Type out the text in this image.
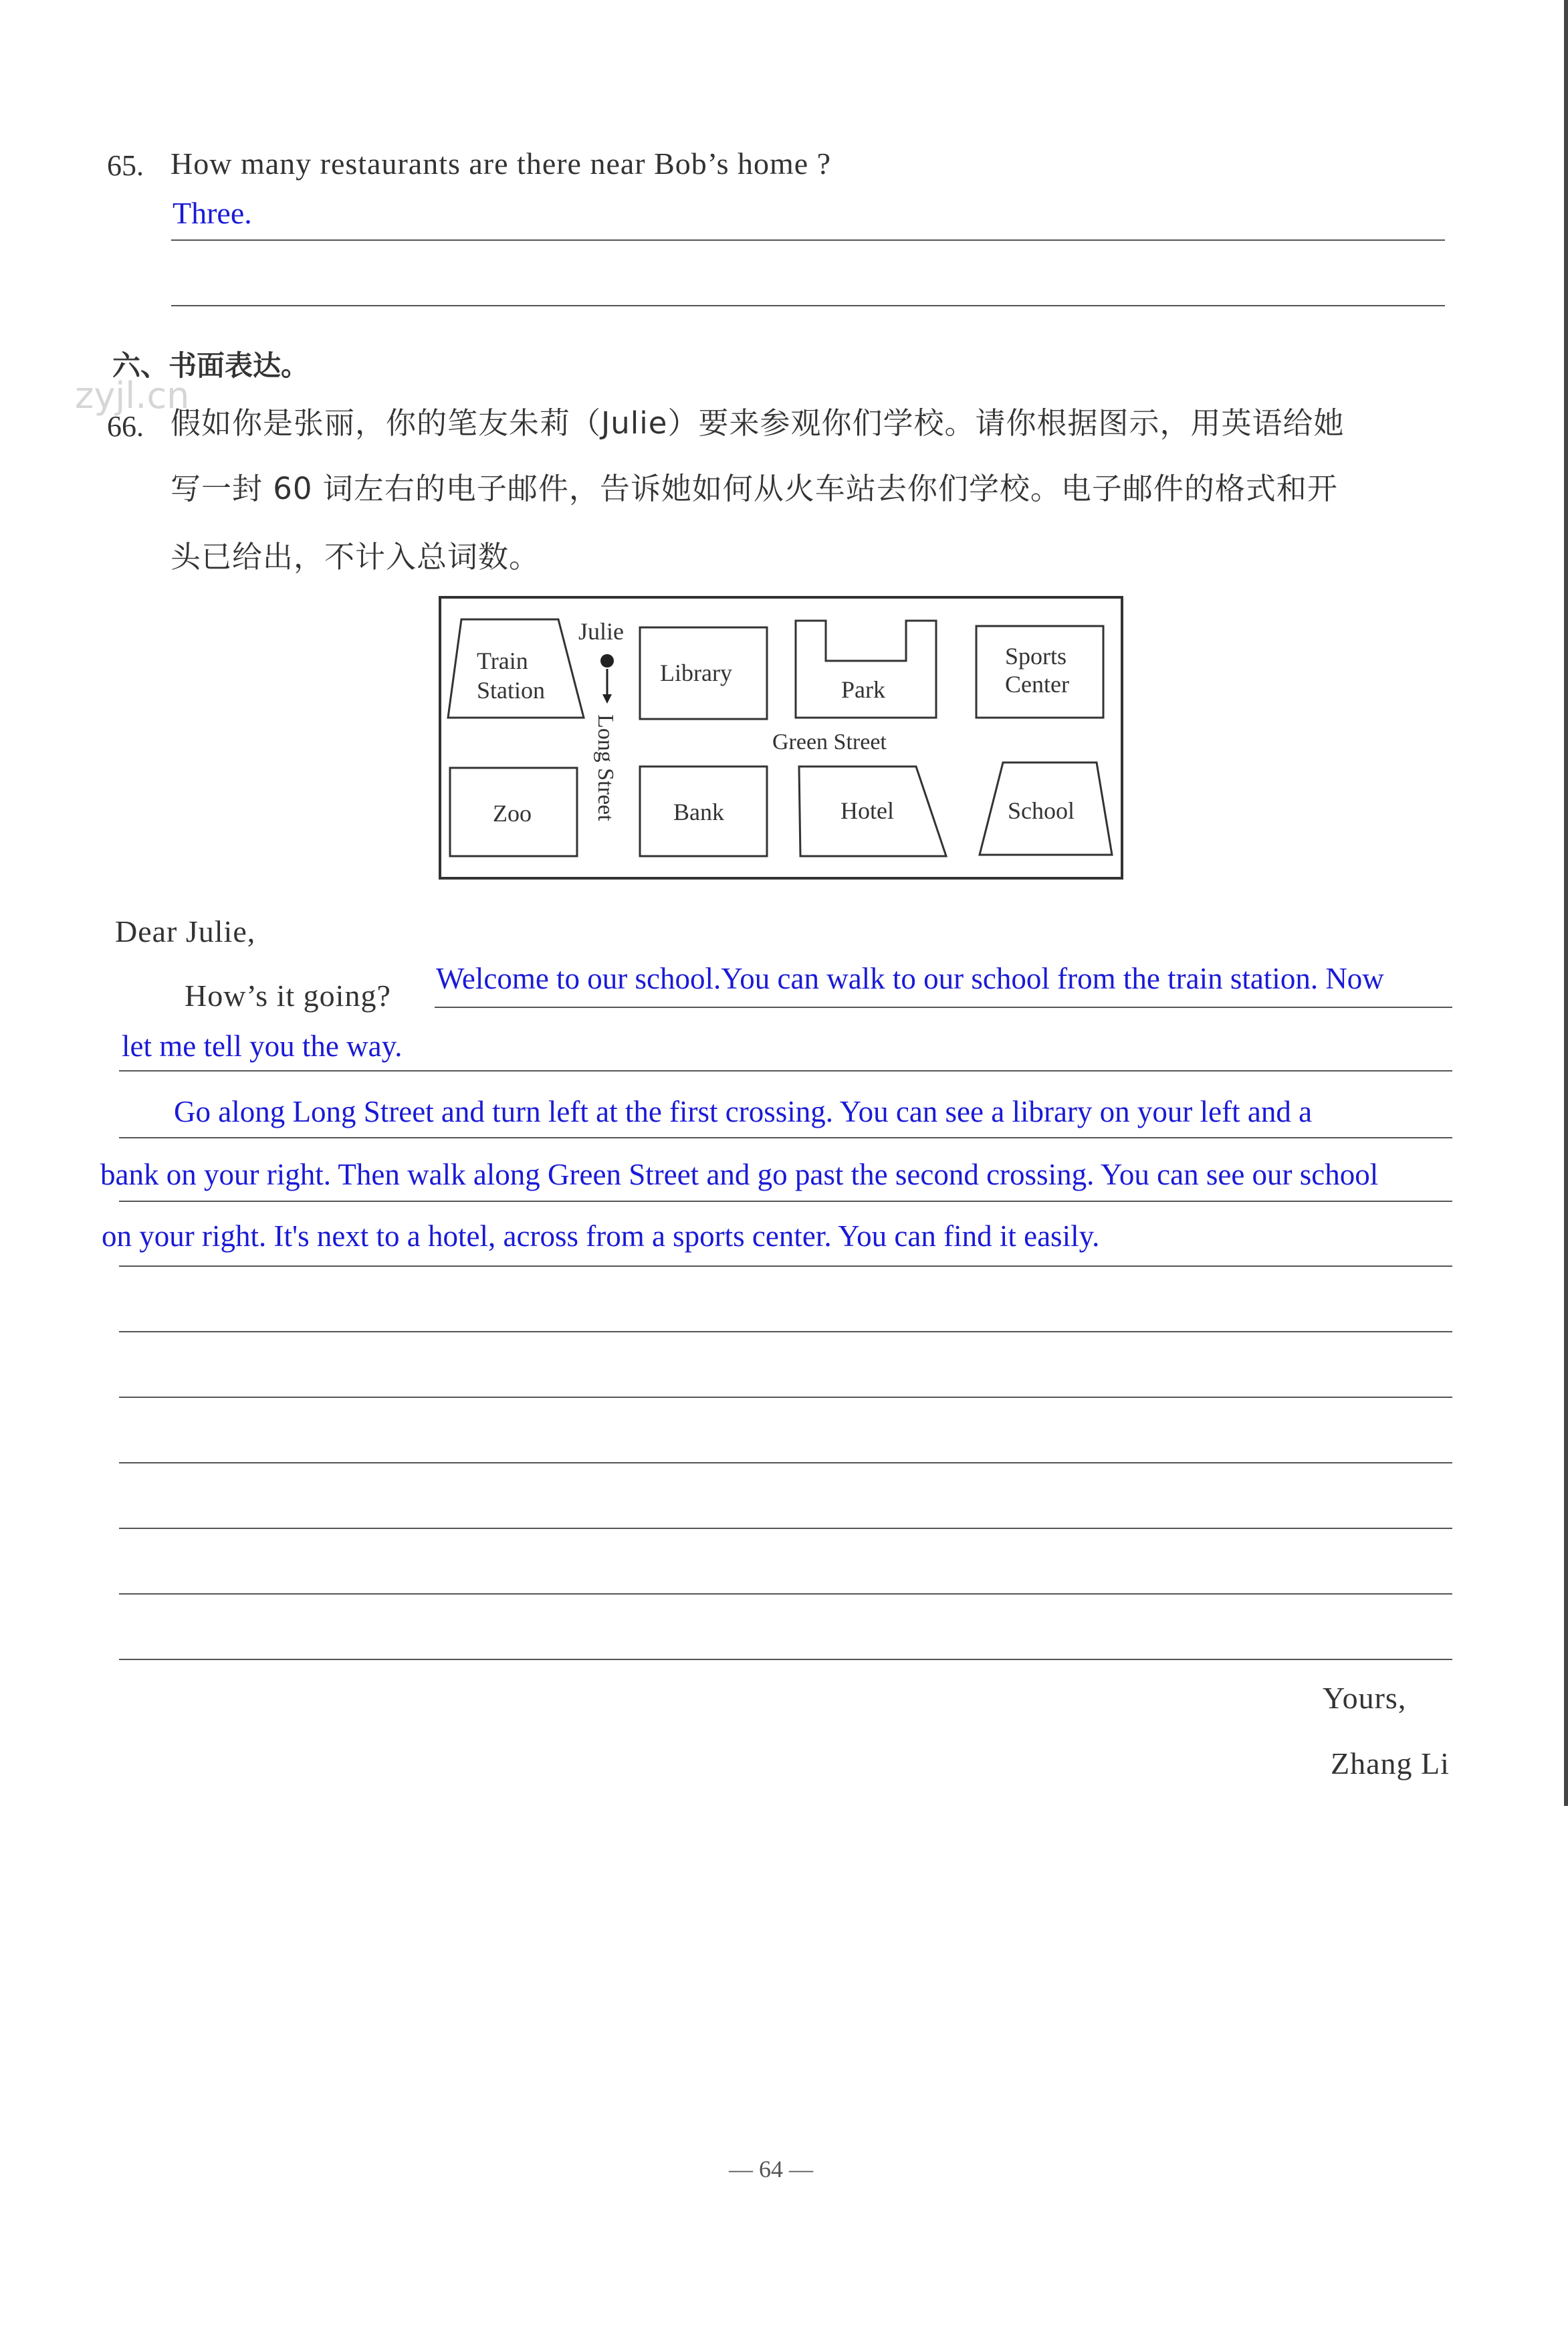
65. How many restaurants are there near Bob’s home ?
Three.
六、书面表达。
zyjl.cn
66. 假如你是张丽，你的笔友朱莉（Julie）要来参观你们学校。请你根据图示，用英语给她
写一封 60 词左右的电子邮件，告诉她如何从火车站去你们学校。电子邮件的格式和开
头已给出，不计入总词数。
Train
Station
Julie
Long Street
Library
Park
Sports
Center
Green Street
Zoo	Bank	Hotel	School
Dear Julie,
How’s it going? Welcome to our school.You can walk to our school from the train station. Now
let me tell you the way.
Go along Long Street and turn left at the first crossing. You can see a library on your left and a
bank on your right. Then walk along Green Street and go past the second crossing. You can see our school
on your right. It's next to a hotel, across from a sports center. You can find it easily.
Yours,
Zhang Li
— 64 —
